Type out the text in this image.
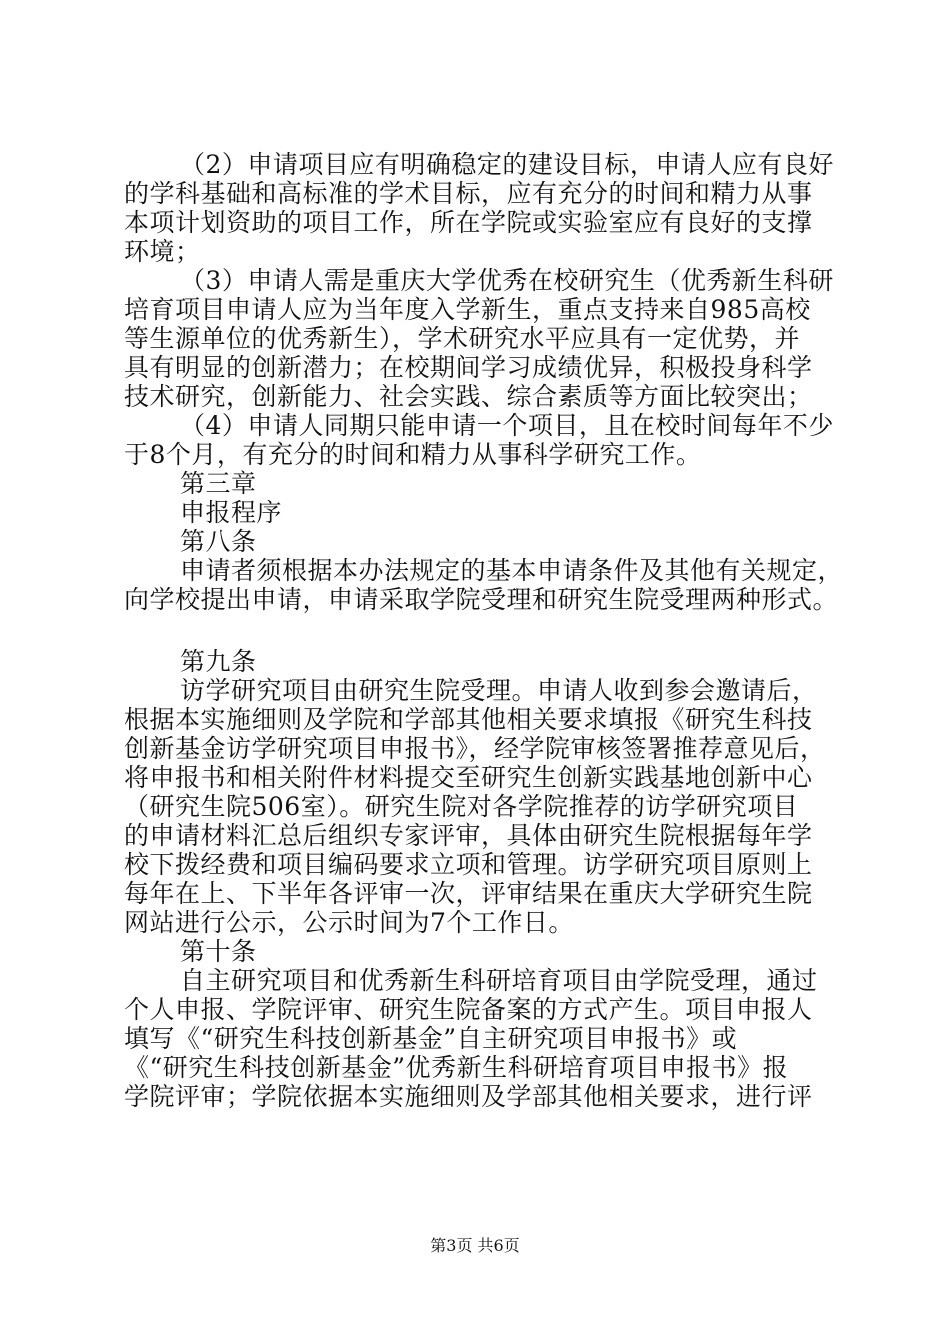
（2）申请项目应有明确稳定的建设目标，申请人应有良好
的学科基础和高标准的学术目标，应有充分的时间和精力从事
本项计划资助的项目工作，所在学院或实验室应有良好的支撑
环境；
（3）申请人需是重庆大学优秀在校研究生（优秀新生科研
培育项目申请人应为当年度入学新生，重点支持来自985高校
等生源单位的优秀新生），学术研究水平应具有一定优势，并
具有明显的创新潜力；在校期间学习成绩优异，积极投身科学
技术研究，创新能力、社会实践、综合素质等方面比较突出；
（4）申请人同期只能申请一个项目，且在校时间每年不少
于8个月，有充分的时间和精力从事科学研究工作。
第三章
申报程序
第八条
申请者须根据本办法规定的基本申请条件及其他有关规定，
向学校提出申请，申请采取学院受理和研究生院受理两种形式。
第九条
访学研究项目由研究生院受理。申请人收到参会邀请后，
根据本实施细则及学院和学部其他相关要求填报《研究生科技
创新基金访学研究项目申报书》，经学院审核签署推荐意见后，
将申报书和相关附件材料提交至研究生创新实践基地创新中心
（研究生院506室）。研究生院对各学院推荐的访学研究项目
的申请材料汇总后组织专家评审，具体由研究生院根据每年学
校下拨经费和项目编码要求立项和管理。访学研究项目原则上
每年在上、下半年各评审一次，评审结果在重庆大学研究生院
网站进行公示，公示时间为7个工作日。
第十条
自主研究项目和优秀新生科研培育项目由学院受理，通过
个人申报、学院评审、研究生院备案的方式产生。项目申报人
填写《“研究生科技创新基金”自主研究项目申报书》或
《“研究生科技创新基金”优秀新生科研培育项目申报书》报
学院评审；学院依据本实施细则及学部其他相关要求，进行评
第3页 共6页
